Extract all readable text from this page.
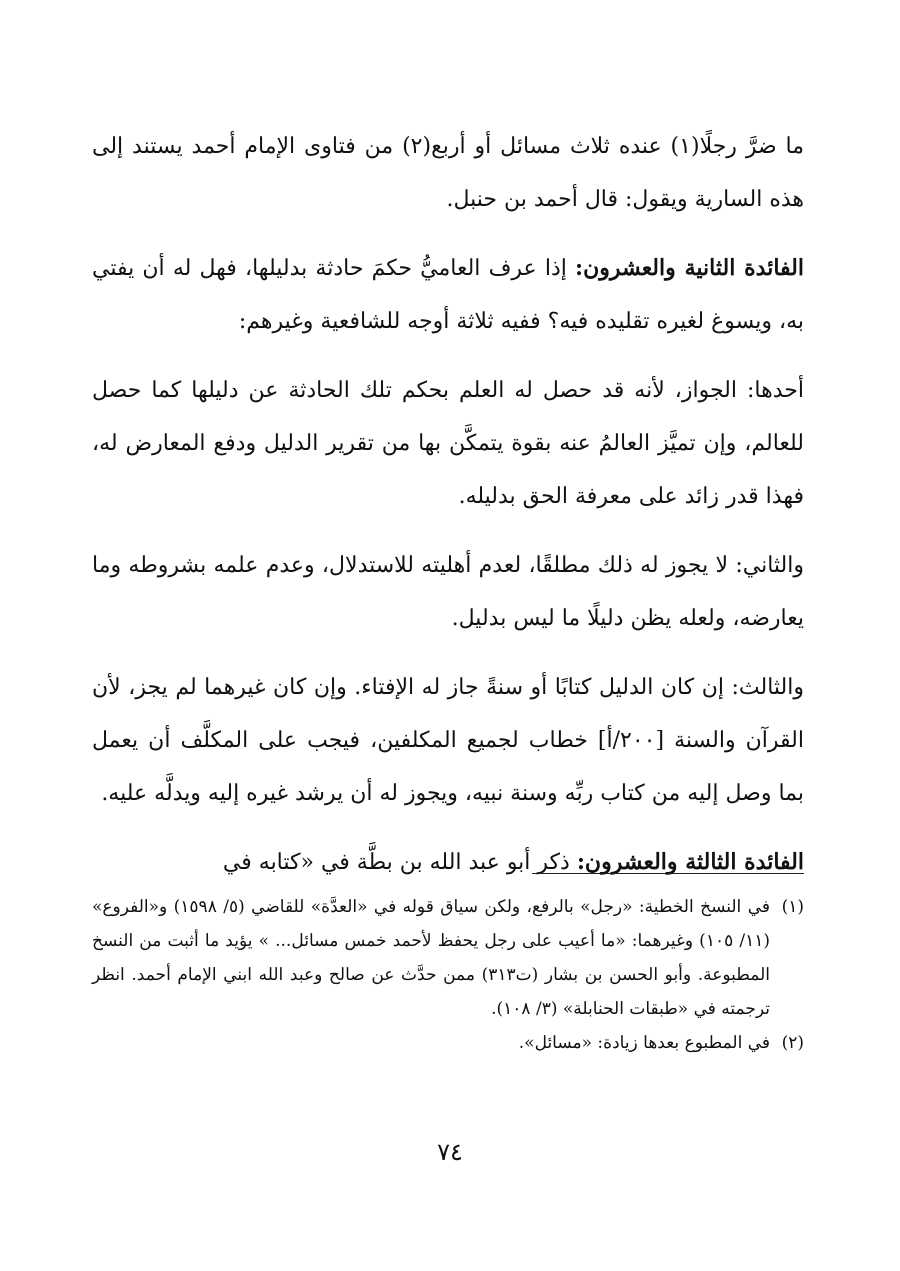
ما ضرَّ رجلًا(١) عنده ثلاث مسائل أو أربع(٢) من فتاوى الإمام أحمد يستند إلى هذه السارية ويقول: قال أحمد بن حنبل.

الفائدة الثانية والعشرون: إذا عرف العاميُّ حكمَ حادثة بدليلها، فهل له أن يفتي به، ويسوغ لغيره تقليده فيه؟ ففيه ثلاثة أوجه للشافعية وغيرهم:

أحدها: الجواز، لأنه قد حصل له العلم بحكم تلك الحادثة عن دليلها كما حصل للعالم، وإن تميَّز العالمُ عنه بقوة يتمكَّن بها من تقرير الدليل ودفع المعارض له، فهذا قدر زائد على معرفة الحق بدليله.

والثاني: لا يجوز له ذلك مطلقًا، لعدم أهليته للاستدلال، وعدم علمه بشروطه وما يعارضه، ولعله يظن دليلًا ما ليس بدليل.

والثالث: إن كان الدليل كتابًا أو سنةً جاز له الإفتاء. وإن كان غيرهما لم يجز، لأن القرآن والسنة [٢٠٠/أ] خطاب لجميع المكلفين، فيجب على المكلَّف أن يعمل بما وصل إليه من كتاب ربِّه وسنة نبيه، ويجوز له أن يرشد غيره إليه ويدلَّه عليه.

الفائدة الثالثة والعشرون: ذكر أبو عبد الله بن بطَّة في «كتابه في

(١)
في النسخ الخطية: «رجل» بالرفع، ولكن سياق قوله في «العدَّة» للقاضي (٥/ ١٥٩٨) و«الفروع» (١١/ ١٠٥) وغيرهما: «ما أعيب على رجل يحفظ لأحمد خمس مسائل... » يؤيد ما أثبت من النسخ المطبوعة. وأبو الحسن بن بشار (ت٣١٣) ممن حدَّث عن صالح وعبد الله ابني الإمام أحمد. انظر ترجمته في «طبقات الحنابلة» (٣/ ١٠٨).
(٢)
في المطبوع بعدها زيادة: «مسائل».
٧٤
